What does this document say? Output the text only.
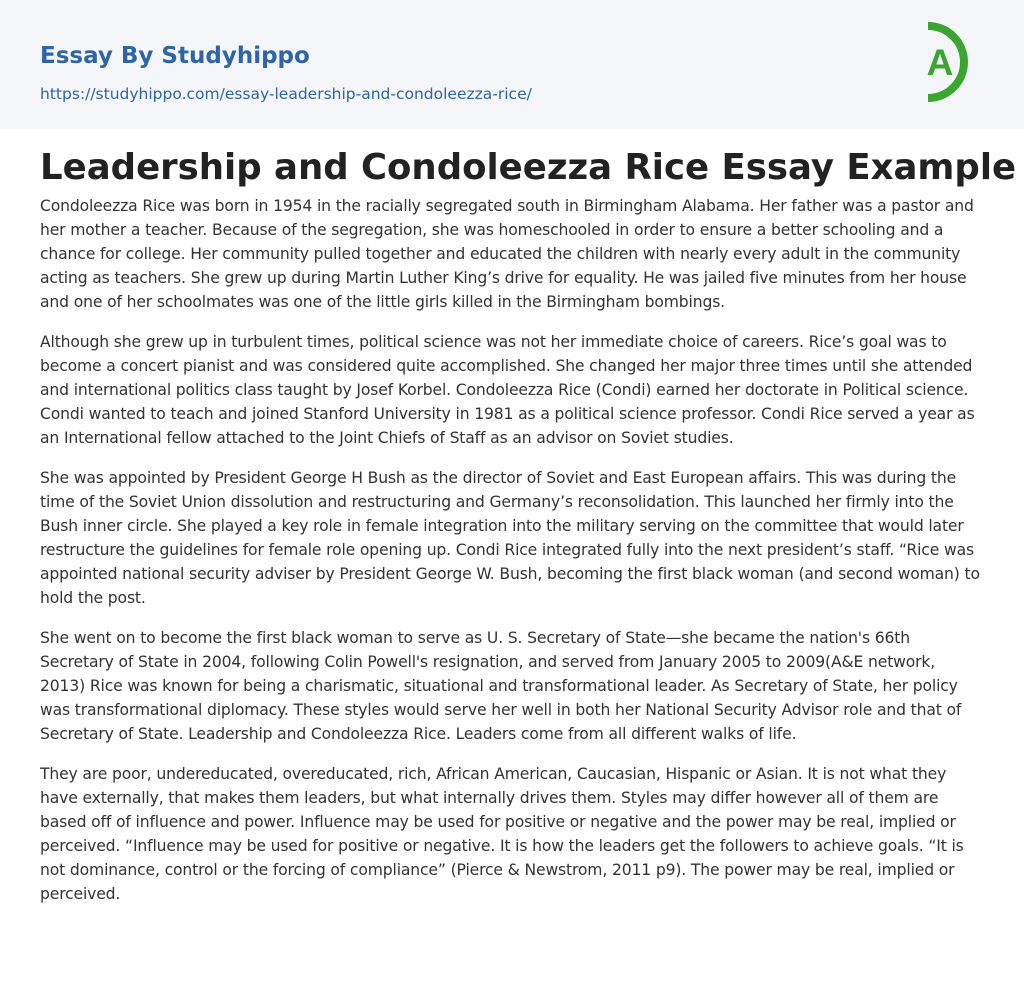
Essay By Studyhippo
https://studyhippo.com/essay-leadership-and-condoleezza-rice/
A
Leadership and Condoleezza Rice Essay Example

Condoleezza Rice was born in 1954 in the racially segregated south in Birmingham Alabama. Her father was a pastor and her mother a teacher. Because of the segregation, she was homeschooled in order to ensure a better schooling and a chance for college. Her community pulled together and educated the children with nearly every adult in the community acting as teachers. She grew up during Martin Luther King’s drive for equality. He was jailed five minutes from her house and one of her schoolmates was one of the little girls killed in the Birmingham bombings.

Although she grew up in turbulent times, political science was not her immediate choice of careers. Rice’s goal was to become a concert pianist and was considered quite accomplished. She changed her major three times until she attended and international politics class taught by Josef Korbel. Condoleezza Rice (Condi) earned her doctorate in Political science. Condi wanted to teach and joined Stanford University in 1981 as a political science professor. Condi Rice served a year as an International fellow attached to the Joint Chiefs of Staff as an advisor on Soviet studies.

She was appointed by President George H Bush as the director of Soviet and East European affairs. This was during the time of the Soviet Union dissolution and restructuring and Germany’s reconsolidation. This launched her firmly into the Bush inner circle. She played a key role in female integration into the military serving on the committee that would later restructure the guidelines for female role opening up. Condi Rice integrated fully into the next president’s staff. “Rice was appointed national security adviser by President George W. Bush, becoming the first black woman (and second woman) to hold the post.

She went on to become the first black woman to serve as U. S. Secretary of State—she became the nation's 66th Secretary of State in 2004, following Colin Powell's resignation, and served from January 2005 to 2009(A&E network, 2013) Rice was known for being a charismatic, situational and transformational leader. As Secretary of State, her policy was transformational diplomacy. These styles would serve her well in both her National Security Advisor role and that of Secretary of State. Leadership and Condoleezza Rice. Leaders come from all different walks of life.

They are poor, undereducated, overeducated, rich, African American, Caucasian, Hispanic or Asian. It is not what they have externally, that makes them leaders, but what internally drives them. Styles may differ however all of them are based off of influence and power. Influence may be used for positive or negative and the power may be real, implied or perceived. “Influence may be used for positive or negative. It is how the leaders get the followers to achieve goals. “It is not dominance, control or the forcing of compliance” (Pierce & Newstrom, 2011 p9). The power may be real, implied or perceived.
